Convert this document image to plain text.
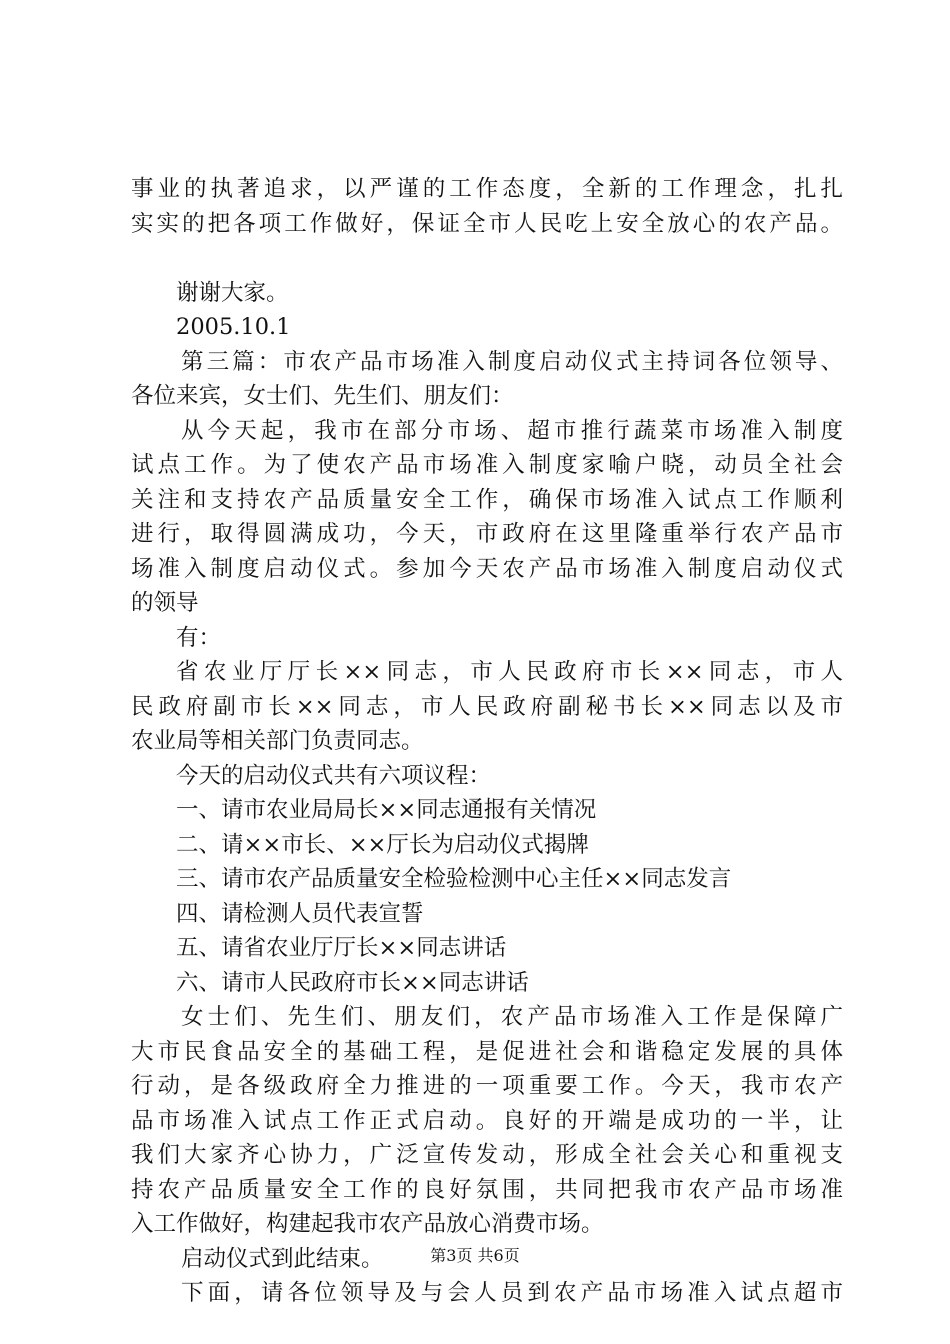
事业的执著追求，以严谨的工作态度，全新的工作理念，扎扎
实实的把各项工作做好，保证全市人民吃上安全放心的农产品。
谢谢大家。
2005.10.1
第三篇：市农产品市场准入制度启动仪式主持词各位领导、
各位来宾，女士们、先生们、朋友们：
从今天起，我市在部分市场、超市推行蔬菜市场准入制度
试点工作。为了使农产品市场准入制度家喻户晓，动员全社会
关注和支持农产品质量安全工作，确保市场准入试点工作顺利
进行，取得圆满成功，今天，市政府在这里隆重举行农产品市
场准入制度启动仪式。参加今天农产品市场准入制度启动仪式
的领导
有：
省农业厅厅长××同志，市人民政府市长××同志，市人
民政府副市长××同志，市人民政府副秘书长××同志以及市
农业局等相关部门负责同志。
今天的启动仪式共有六项议程：
一、请市农业局局长××同志通报有关情况
二、请××市长、××厅长为启动仪式揭牌
三、请市农产品质量安全检验检测中心主任××同志发言
四、请检测人员代表宣誓
五、请省农业厅厅长××同志讲话
六、请市人民政府市长××同志讲话
女士们、先生们、朋友们，农产品市场准入工作是保障广
大市民食品安全的基础工程，是促进社会和谐稳定发展的具体
行动，是各级政府全力推进的一项重要工作。今天，我市农产
品市场准入试点工作正式启动。良好的开端是成功的一半，让
我们大家齐心协力，广泛宣传发动，形成全社会关心和重视支
持农产品质量安全工作的良好氛围，共同把我市农产品市场准
入工作做好，构建起我市农产品放心消费市场。
启动仪式到此结束。
下面，请各位领导及与会人员到农产品市场准入试点超市
第3页 共6页
